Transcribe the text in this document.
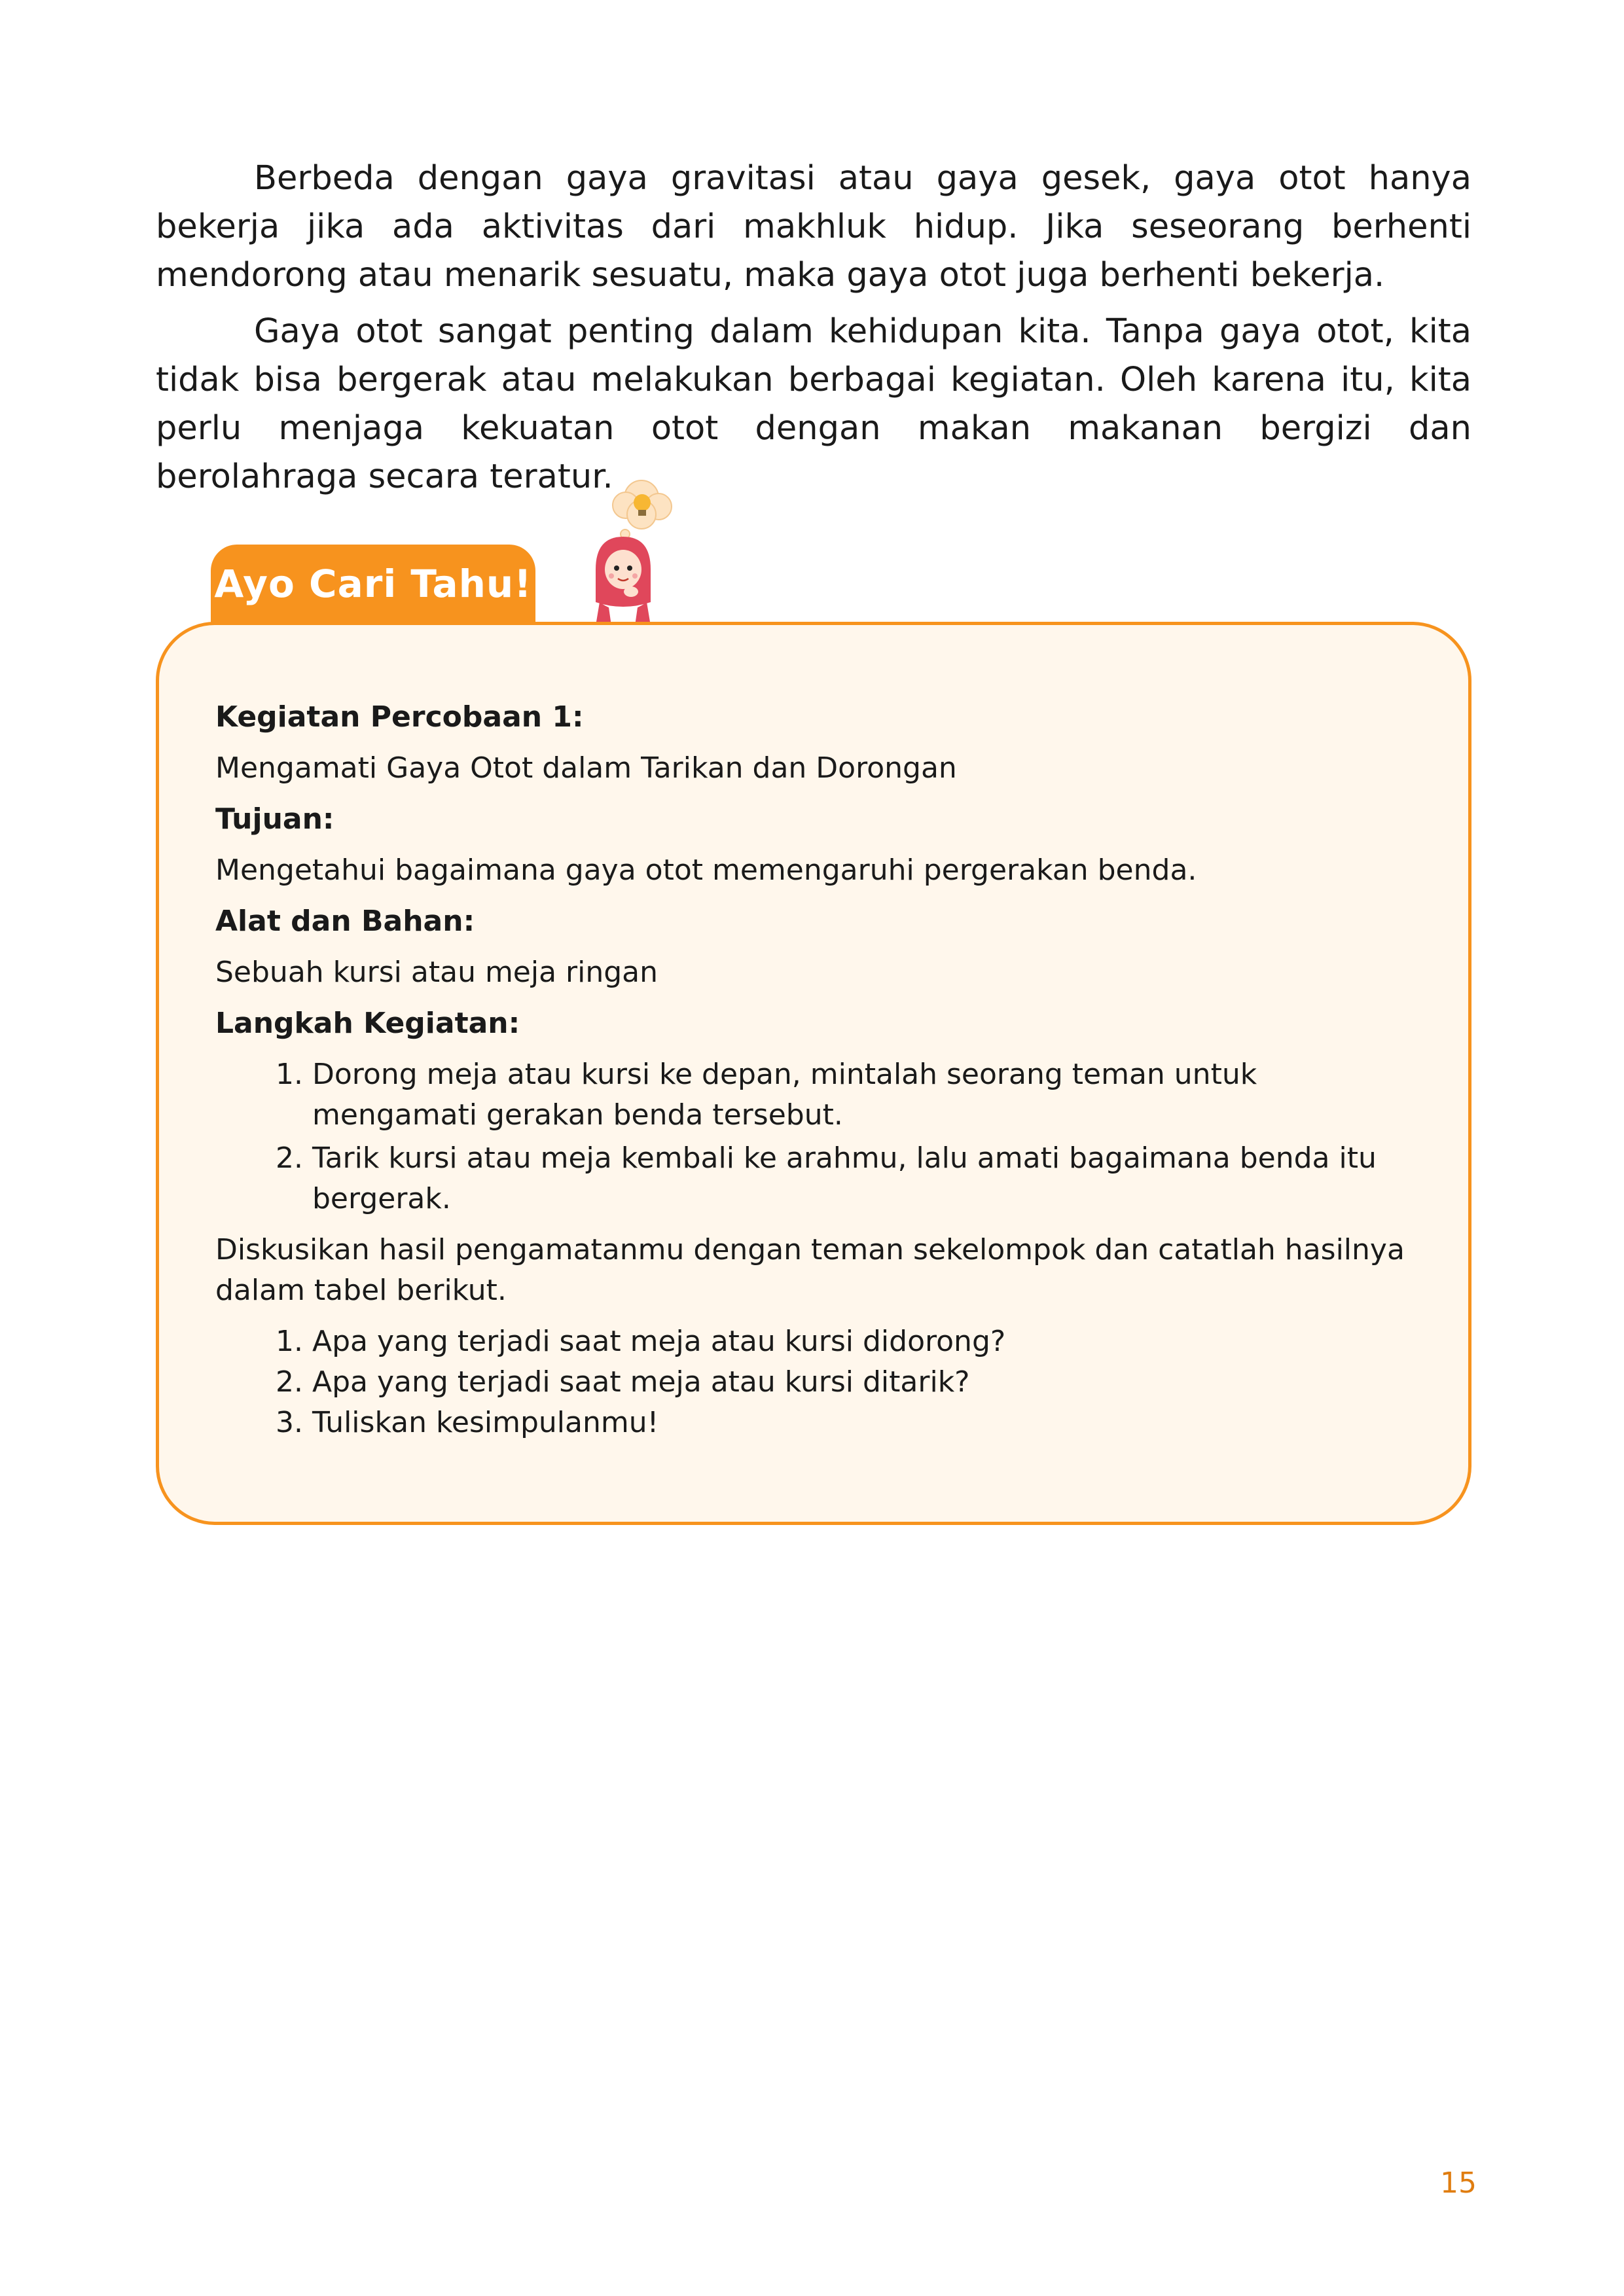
Berbeda dengan gaya gravitasi atau gaya gesek, gaya otot hanya bekerja jika ada aktivitas dari makhluk hidup. Jika seseorang berhenti mendorong atau menarik sesuatu, maka gaya otot juga berhenti bekerja.

Gaya otot sangat penting dalam kehidupan kita. Tanpa gaya otot, kita tidak bisa bergerak atau melakukan berbagai kegiatan. Oleh karena itu, kita perlu menjaga kekuatan otot dengan makan makanan bergizi dan berolahraga secara teratur.

Ayo Cari Tahu!

Kegiatan Percobaan 1:

Mengamati Gaya Otot dalam Tarikan dan Dorongan

Tujuan:

Mengetahui bagaimana gaya otot memengaruhi pergerakan benda.

Alat dan Bahan:

Sebuah kursi atau meja ringan

Langkah Kegiatan:

1. Dorong meja atau kursi ke depan, mintalah seorang teman untuk mengamati gerakan benda tersebut.
2. Tarik kursi atau meja kembali ke arahmu, lalu amati bagaimana benda itu bergerak.

Diskusikan hasil pengamatanmu dengan teman sekelompok dan catatlah hasilnya dalam tabel berikut.

1. Apa yang terjadi saat meja atau kursi didorong?
2. Apa yang terjadi saat meja atau kursi ditarik?
3. Tuliskan kesimpulanmu!
15
